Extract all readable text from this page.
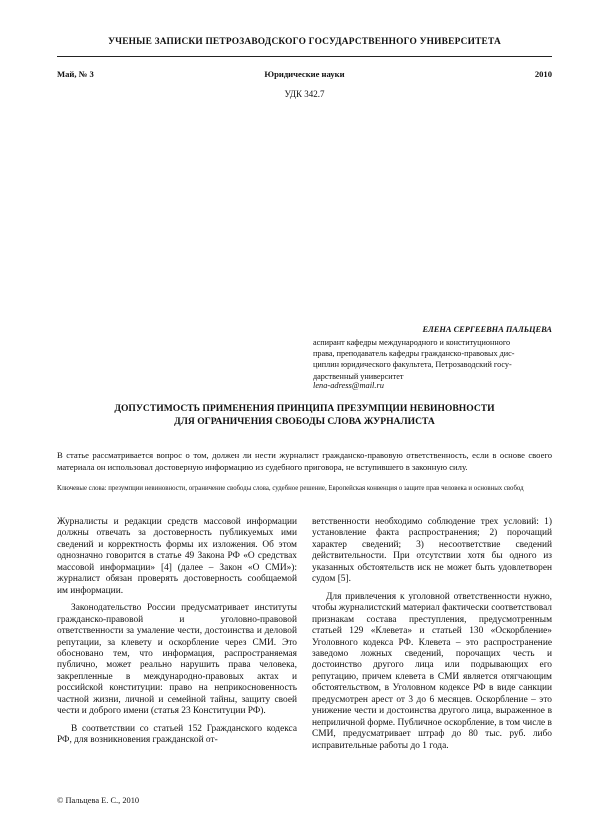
УЧЕНЫЕ ЗАПИСКИ ПЕТРОЗАВОДСКОГО ГОСУДАРСТВЕННОГО УНИВЕРСИТЕТА
Май, № 3	Юридические науки	2010
УДК 342.7
ЕЛЕНА СЕРГЕЕВНА ПАЛЬЦЕВА
аспирант кафедры международного и конституционного
права, преподаватель кафедры гражданско-правовых дис-
циплин юридического факультета, Петрозаводский госу-
дарственный университет
lena-adress@mail.ru
ДОПУСТИМОСТЬ ПРИМЕНЕНИЯ ПРИНЦИПА ПРЕЗУМПЦИИ НЕВИНОВНОСТИ
ДЛЯ ОГРАНИЧЕНИЯ СВОБОДЫ СЛОВА ЖУРНАЛИСТА
В статье рассматривается вопрос о том, должен ли нести журналист гражданско-правовую ответственность, если в основе своего материала он использовал достоверную информацию из судебного приговора, не вступившего в законную силу.
Ключевые слова: презумпции невиновности, ограничение свободы слова, судебное решение, Европейская конвенция о защите прав человека и основных свобод

Журналисты и редакции средств массовой информации должны отвечать за достоверность публикуемых ими сведений и корректность формы их изложения. Об этом однозначно говорится в статье 49 Закона РФ «О средствах массовой информации» [4] (далее – Закон «О СМИ»): журналист обязан проверять достоверность сообщаемой им информации.

Законодательство России предусматривает институты гражданско-правовой и уголовно-правовой ответственности за умаление чести, достоинства и деловой репутации, за клевету и оскорбление через СМИ. Это обосновано тем, что информация, распространяемая публично, может реально нарушить права человека, закрепленные в международно-правовых актах и российской конституции: право на неприкосновенность частной жизни, личной и семейной тайны, защиту своей чести и доброго имени (статья 23 Конституции РФ).

В соответствии со статьей 152 Гражданского кодекса РФ, для возникновения гражданской от-

ветственности необходимо соблюдение трех условий: 1) установление факта распространения; 2) порочащий характер сведений; 3) несоответствие сведений действительности. При отсутствии хотя бы одного из указанных обстоятельств иск не может быть удовлетворен судом [5].

Для привлечения к уголовной ответственности нужно, чтобы журналистский материал фактически соответствовал признакам состава преступления, предусмотренным статьей 129 «Клевета» и статьей 130 «Оскорбление» Уголовного кодекса РФ. Клевета – это распространение заведомо ложных сведений, порочащих честь и достоинство другого лица или подрывающих его репутацию, причем клевета в СМИ является отягчающим обстоятельством, в Уголовном кодексе РФ в виде санкции предусмотрен арест от 3 до 6 месяцев. Оскорбление – это унижение чести и достоинства другого лица, выраженное в неприличной форме. Публичное оскорбление, в том числе в СМИ, предусматривает штраф до 80 тыс. руб. либо исправительные работы до 1 года.

© Пальцева Е. С., 2010
